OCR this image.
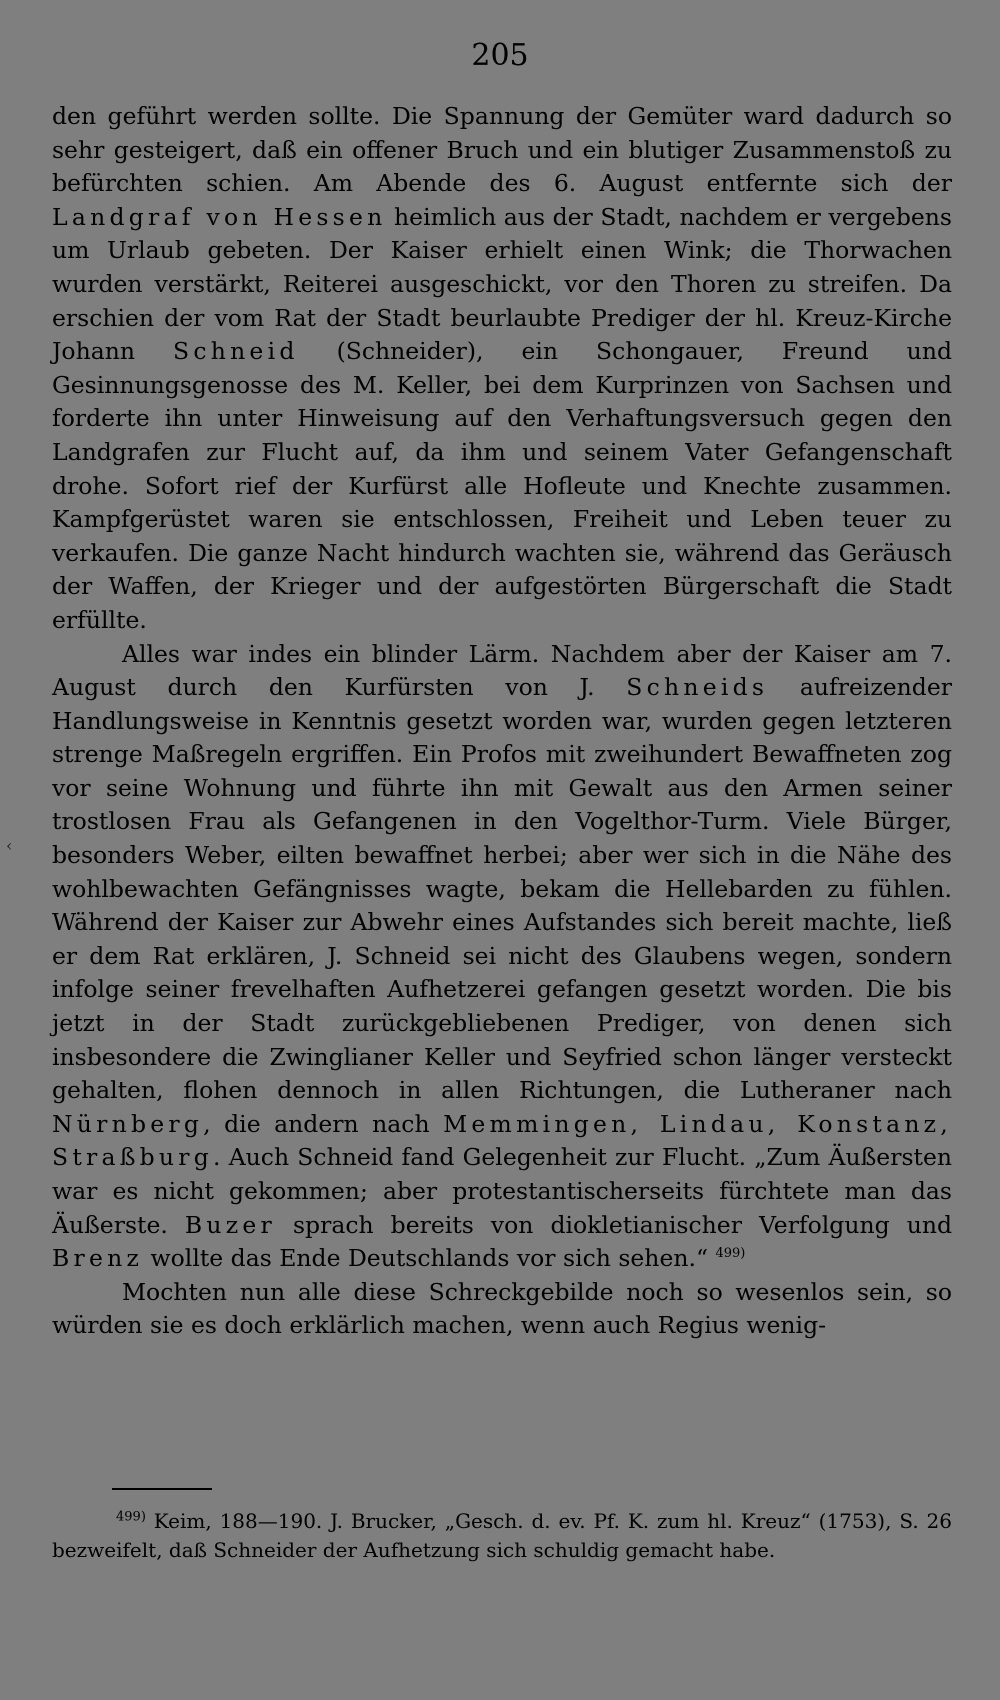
205

den geführt werden sollte. Die Spannung der Gemüter ward dadurch so sehr gesteigert, daß ein offener Bruch und ein blutiger Zusammenstoß zu befürchten schien. Am Abende des 6. August entfernte sich der Landgraf von Hessen heimlich aus der Stadt, nachdem er vergebens um Urlaub gebeten. Der Kaiser erhielt einen Wink; die Thorwachen wurden verstärkt, Reiterei ausgeschickt, vor den Thoren zu streifen. Da erschien der vom Rat der Stadt beurlaubte Prediger der hl. Kreuz-Kirche Johann Schneid (Schneider), ein Schongauer, Freund und Gesinnungsgenosse des M. Keller, bei dem Kurprinzen von Sachsen und forderte ihn unter Hinweisung auf den Verhaftungsversuch gegen den Landgrafen zur Flucht auf, da ihm und seinem Vater Gefangenschaft drohe. Sofort rief der Kurfürst alle Hofleute und Knechte zusammen. Kampfgerüstet waren sie entschlossen, Freiheit und Leben teuer zu verkaufen. Die ganze Nacht hindurch wachten sie, während das Geräusch der Waffen, der Krieger und der aufgestörten Bürgerschaft die Stadt erfüllte.

Alles war indes ein blinder Lärm. Nachdem aber der Kaiser am 7. August durch den Kurfürsten von J. Schneids aufreizender Handlungsweise in Kenntnis gesetzt worden war, wurden gegen letzteren strenge Maßregeln ergriffen. Ein Profos mit zweihundert Bewaffneten zog vor seine Wohnung und führte ihn mit Gewalt aus den Armen seiner trostlosen Frau als Gefangenen in den Vogelthor-Turm. Viele Bürger, besonders Weber, eilten bewaffnet herbei; aber wer sich in die Nähe des wohlbewachten Gefängnisses wagte, bekam die Hellebarden zu fühlen. Während der Kaiser zur Abwehr eines Aufstandes sich bereit machte, ließ er dem Rat erklären, J. Schneid sei nicht des Glaubens wegen, sondern infolge seiner frevelhaften Aufhetzerei gefangen gesetzt worden. Die bis jetzt in der Stadt zurückgebliebenen Prediger, von denen sich insbesondere die Zwinglianer Keller und Seyfried schon länger versteckt gehalten, flohen dennoch in allen Richtungen, die Lutheraner nach Nürnberg, die andern nach Memmingen, Lindau, Konstanz, Straßburg. Auch Schneid fand Gelegenheit zur Flucht. „Zum Äußersten war es nicht gekommen; aber protestantischerseits fürchtete man das Äußerste. Buzer sprach bereits von diokletianischer Verfolgung und Brenz wollte das Ende Deutschlands vor sich sehen.“ $^{499)}$

Mochten nun alle diese Schreckgebilde noch so wesenlos sein, so würden sie es doch erklärlich machen, wenn auch Regius wenig-

$^{499)}$ Keim, 188—190. J. Brucker, „Gesch. d. ev. Pf. K. zum hl. Kreuz“ (1753), S. 26 bezweifelt, daß Schneider der Aufhetzung sich schuldig gemacht habe.

‹
